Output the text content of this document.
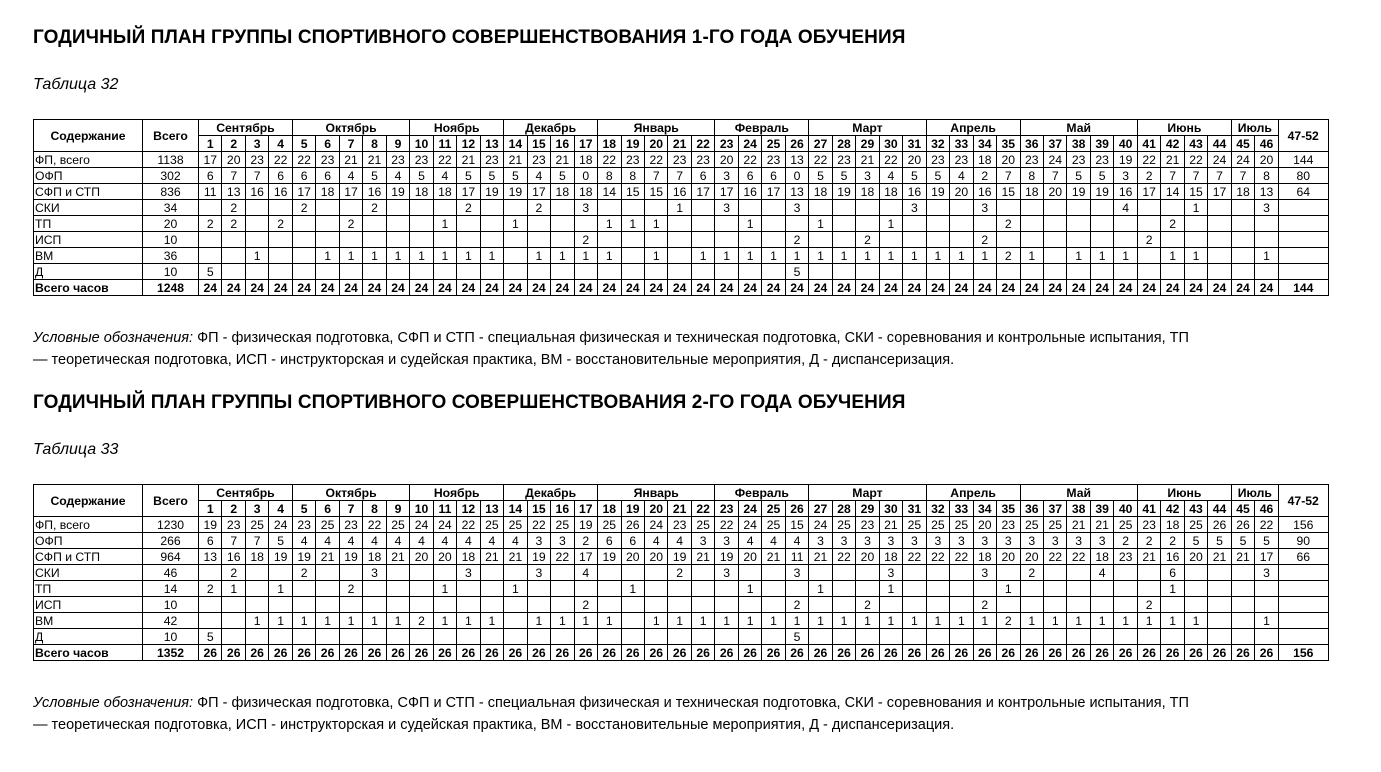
ГОДИЧНЫЙ ПЛАН ГРУППЫ СПОРТИВНОГО СОВЕРШЕНСТВОВАНИЯ 1-ГО ГОДА ОБУЧЕНИЯ
Таблица 32
Содержание	Всего	Сентябрь				Октябрь					Ноябрь				Декабрь				Январь					Февраль				Март					Апрель				Май					Июнь				Июль		47-52
		1	2	3	4	5	6	7	8	9	10	11	12	13	14	15	16	17	18	19	20	21	22	23	24	25	26	27	28	29	30	31	32	33	34	35	36	37	38	39	40	41	42	43	44	45	46	
ФП, всего	1138	17	20	23	22	22	23	21	21	23	23	22	21	23	21	23	21	18	22	23	22	23	23	20	22	23	13	22	23	21	22	20	23	23	18	20	23	24	23	23	19	22	21	22	24	24	20	144
ОФП	302	6	7	7	6	6	6	4	5	4	5	4	5	5	5	4	5	0	8	8	7	7	6	3	6	6	0	5	5	3	4	5	5	4	2	7	8	7	5	5	3	2	7	7	7	7	8	80
СФП и СТП	836	11	13	16	16	17	18	17	16	19	18	18	17	19	19	17	18	18	14	15	15	16	17	17	16	17	13	18	19	18	18	16	19	20	16	15	18	20	19	19	16	17	14	15	17	18	13	64
СКИ	34		2			2			2				2			2		3				1		3			3					3			3						4			1			3	
ТП	20	2	2		2			2				1			1				1	1	1				1			1			1					2							2					
ИСП	10																	2									2			2					2							2						
ВМ	36			1			1	1	1	1	1	1	1	1		1	1	1	1		1		1	1	1	1	1	1	1	1	1	1	1	1	1	2	1		1	1	1		1	1			1	
Д	10	5																									5																					
Всего часов	1248	24	24	24	24	24	24	24	24	24	24	24	24	24	24	24	24	24	24	24	24	24	24	24	24	24	24	24	24	24	24	24	24	24	24	24	24	24	24	24	24	24	24	24	24	24	24	144
Условные обозначения: ФП - физическая подготовка, СФП и СТП - специальная физическая и техническая подготовка, СКИ - соревнования и контрольные испытания, ТП
— теоретическая подготовка, ИСП - инструкторская и судейская практика, ВМ - восстановительные мероприятия, Д - диспансеризация.
ГОДИЧНЫЙ ПЛАН ГРУППЫ СПОРТИВНОГО СОВЕРШЕНСТВОВАНИЯ 2-ГО ГОДА ОБУЧЕНИЯ
Таблица 33
Содержание	Всего	Сентябрь				Октябрь					Ноябрь				Декабрь				Январь					Февраль				Март					Апрель				Май					Июнь				Июль		47-52
		1	2	3	4	5	6	7	8	9	10	11	12	13	14	15	16	17	18	19	20	21	22	23	24	25	26	27	28	29	30	31	32	33	34	35	36	37	38	39	40	41	42	43	44	45	46	
ФП, всего	1230	19	23	25	24	23	25	23	22	25	24	24	22	25	25	22	25	19	25	26	24	23	25	22	24	25	15	24	25	23	21	25	25	25	20	23	25	25	21	21	25	23	18	25	26	26	22	156
ОФП	266	6	7	7	5	4	4	4	4	4	4	4	4	4	4	3	3	2	6	6	4	4	3	3	4	4	4	3	3	3	3	3	3	3	3	3	3	3	3	3	2	2	2	5	5	5	5	90
СФП и СТП	964	13	16	18	19	19	21	19	18	21	20	20	18	21	21	19	22	17	19	20	20	19	21	19	20	21	11	21	22	20	18	22	22	22	18	20	20	22	22	18	23	21	16	20	21	21	17	66
СКИ	46		2			2			3				3			3		4				2		3			3				3				3		2			4			6				3	
ТП	14	2	1		1			2				1			1					1					1			1			1					1							1					
ИСП	10																	2									2			2					2							2						
ВМ	42			1	1	1	1	1	1	1	2	1	1	1		1	1	1	1		1	1	1	1	1	1	1	1	1	1	1	1	1	1	1	2	1	1	1	1	1	1	1	1			1	
Д	10	5																									5																					
Всего часов	1352	26	26	26	26	26	26	26	26	26	26	26	26	26	26	26	26	26	26	26	26	26	26	26	26	26	26	26	26	26	26	26	26	26	26	26	26	26	26	26	26	26	26	26	26	26	26	156
Условные обозначения: ФП - физическая подготовка, СФП и СТП - специальная физическая и техническая подготовка, СКИ - соревнования и контрольные испытания, ТП
— теоретическая подготовка, ИСП - инструкторская и судейская практика, ВМ - восстановительные мероприятия, Д - диспансеризация.
